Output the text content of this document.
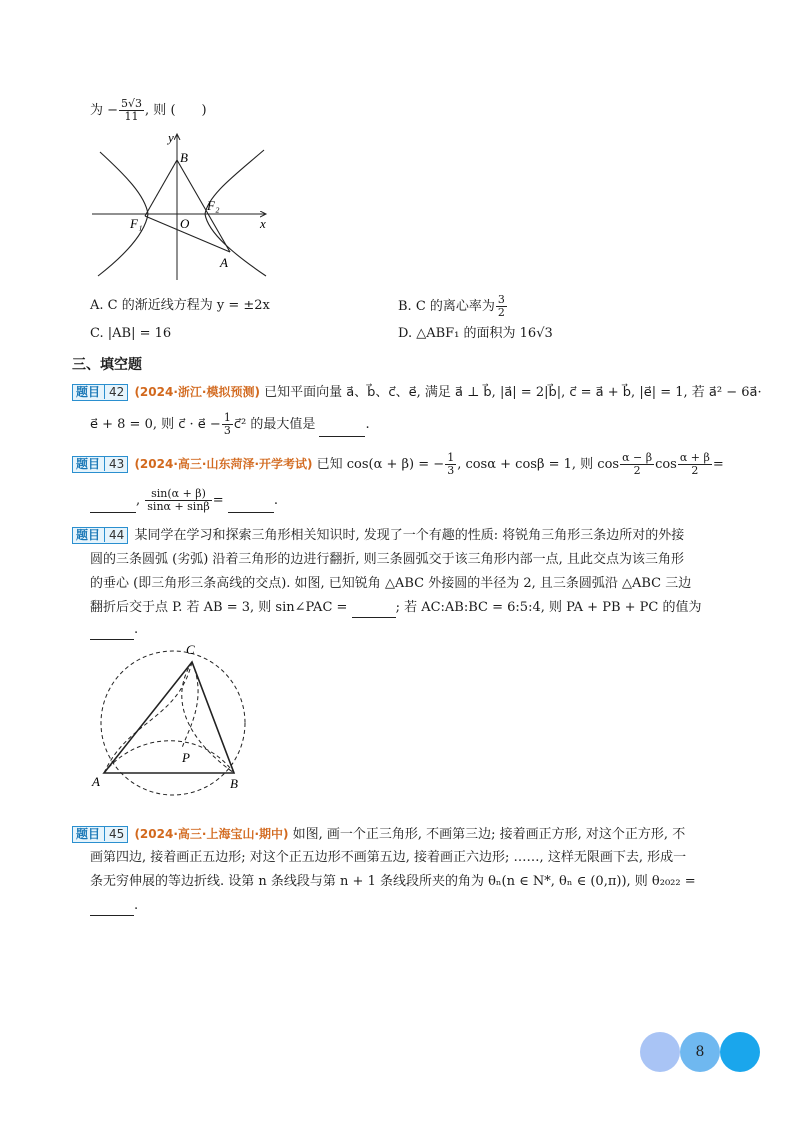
为 − $\frac{5√3}{11}$ , 则 (　　)
y
x
B
O
F₁
F₂
A
A. C 的渐近线方程为 y = ±2x	B. C 的离心率为 $\frac{3}{2}$
C. |AB| = 16	D. △ABF₁ 的面积为 16√3
三、填空题
题目 42 (2024·浙江·模拟预测) 已知平面向量 a⃗、b⃗、c⃗、e⃗, 满足 a⃗ ⊥ b⃗, |a⃗| = 2|b⃗|, c⃗ = a⃗ + b⃗, |e⃗| = 1, 若 a⃗² − 6a⃗·
e⃗ + 8 = 0, 则 c⃗ · e⃗ − $\frac{1}{3}$ c⃗² 的最大值是	.
题目 43 (2024·高三·山东菏泽·开学考试) 已知 cos(α + β) = − $\frac{1}{3}$ , cosα + cosβ = 1, 则 $\cos \frac{\alpha - \beta}{2}$ $\cos \frac{\alpha + \beta}{2}$ =
, $\frac{\sin(\alpha + \beta)}{\sin\alpha + \sin\beta}$ =	.
题目 44 某同学在学习和探索三角形相关知识时, 发现了一个有趣的性质: 将锐角三角形三条边所对的外接
圆的三条圆弧 (劣弧) 沿着三角形的边进行翻折, 则三条圆弧交于该三角形内部一点, 且此交点为该三角形
的垂心 (即三角形三条高线的交点). 如图, 已知锐角 △ABC 外接圆的半径为 2, 且三条圆弧沿 △ABC 三边
翻折后交于点 P. 若 AB = 3, 则 sin∠PAC =	; 若 AC:AB:BC = 6:5:4, 则 PA + PB + PC 的值为
.
C
A	B
P
题目 45 (2024·高三·上海宝山·期中) 如图, 画一个正三角形, 不画第三边; 接着画正方形, 对这个正方形, 不
画第四边, 接着画正五边形; 对这个正五边形不画第五边, 接着画正六边形; ……, 这样无限画下去, 形成一
条无穷伸展的等边折线. 设第 n 条线段与第 n + 1 条线段所夹的角为 θₙ(n ∈ N*, θₙ ∈ (0,π)), 则 θ₂₀₂₂ =
.
8
